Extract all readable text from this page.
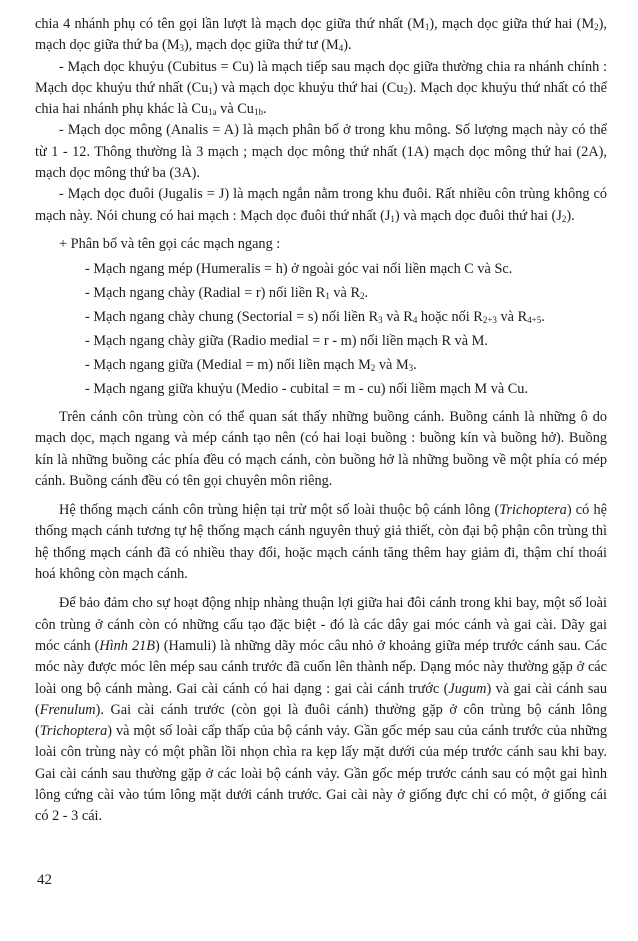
chia 4 nhánh phụ có tên gọi lần lượt là mạch dọc giữa thứ nhất $(M_1)$, mạch dọc giữa thứ hai $(M_2)$, mạch dọc giữa thứ ba $(M_3)$, mạch dọc giữa thứ tư $(M_4)$.

- Mạch dọc khuỷu (Cubitus = Cu) là mạch tiếp sau mạch dọc giữa thường chia ra nhánh chính : Mạch dọc khuỷu thứ nhất $(Cu_1)$ và mạch dọc khuỷu thứ hai $(Cu_2)$. Mạch dọc khuỷu thứ nhất có thể chia hai nhánh phụ khác là $Cu_{1a}$ và $Cu_{1b}$.

- Mạch dọc mông (Analis = A) là mạch phân bố ở trong khu mông. Số lượng mạch này có thể từ 1 - 12. Thông thường là 3 mạch ; mạch dọc mông thứ nhất (1A) mạch dọc mông thứ hai (2A), mạch dọc mông thứ ba (3A).

- Mạch dọc đuôi (Jugalis = J) là mạch ngắn nằm trong khu đuôi. Rất nhiều côn trùng không có mạch này. Nói chung có hai mạch : Mạch dọc đuôi thứ nhất $(J_1)$ và mạch dọc đuôi thứ hai $(J_2)$.

+ Phân bố và tên gọi các mạch ngang :
- Mạch ngang mép (Humeralis = h) ở ngoài góc vai nối liền mạch C và Sc.
- Mạch ngang chày (Radial = r) nối liền $R_1$ và $R_2$.
- Mạch ngang chày chung (Sectorial = s) nối liền $R_3$ và $R_4$ hoặc nối $R_{2+3}$ và $R_{4+5}$.
- Mạch ngang chày giữa (Radio medial = r - m) nối liền mạch R và M.
- Mạch ngang giữa (Medial = m) nối liền mạch $M_2$ và $M_3$.
- Mạch ngang giữa khuỷu (Medio - cubital = m - cu) nối liềm mạch M và Cu.

Trên cánh côn trùng còn có thể quan sát thấy những buồng cánh. Buồng cánh là những ô do mạch dọc, mạch ngang và mép cánh tạo nên (có hai loại buồng : buồng kín và buồng hở). Buồng kín là những buồng các phía đều có mạch cánh, còn buồng hở là những buồng về một phía có mép cánh. Buồng cánh đều có tên gọi chuyên môn riêng.

Hệ thống mạch cánh côn trùng hiện tại trừ một số loài thuộc bộ cánh lông (Trichoptera) có hệ thống mạch cánh tương tự hệ thống mạch cánh nguyên thuỷ giả thiết, còn đại bộ phận côn trùng thì hệ thống mạch cánh đã có nhiều thay đổi, hoặc mạch cánh tăng thêm hay giảm đi, thậm chí thoái hoá không còn mạch cánh.

Để bảo đảm cho sự hoạt động nhịp nhàng thuận lợi giữa hai đôi cánh trong khi bay, một số loài côn trùng ở cánh còn có những cấu tạo đặc biệt - đó là các dây gai móc cánh và gai cài. Dãy gai móc cánh (Hình 21B) (Hamuli) là những dãy móc câu nhỏ ở khoảng giữa mép trước cánh sau. Các móc này được móc lên mép sau cánh trước đã cuốn lên thành nếp. Dạng móc này thường gặp ở các loài ong bộ cánh màng. Gai cài cánh có hai dạng : gai cài cánh trước (Jugum) và gai cài cánh sau (Frenulum). Gai cài cánh trước (còn gọi là đuôi cánh) thường gặp ở côn trùng bộ cánh lông (Trichoptera) và một số loài cấp thấp của bộ cánh vảy. Gần gốc mép sau của cánh trước của những loài côn trùng này có một phần lồi nhọn chìa ra kẹp lấy mặt dưới của mép trước cánh sau khi bay. Gai cài cánh sau thường gặp ở các loài bộ cánh vảy. Gần gốc mép trước cánh sau có một gai hình lông cứng cài vào túm lông mặt dưới cánh trước. Gai cài này ở giống đực chỉ có một, ở giống cái có 2 - 3 cái.

42
